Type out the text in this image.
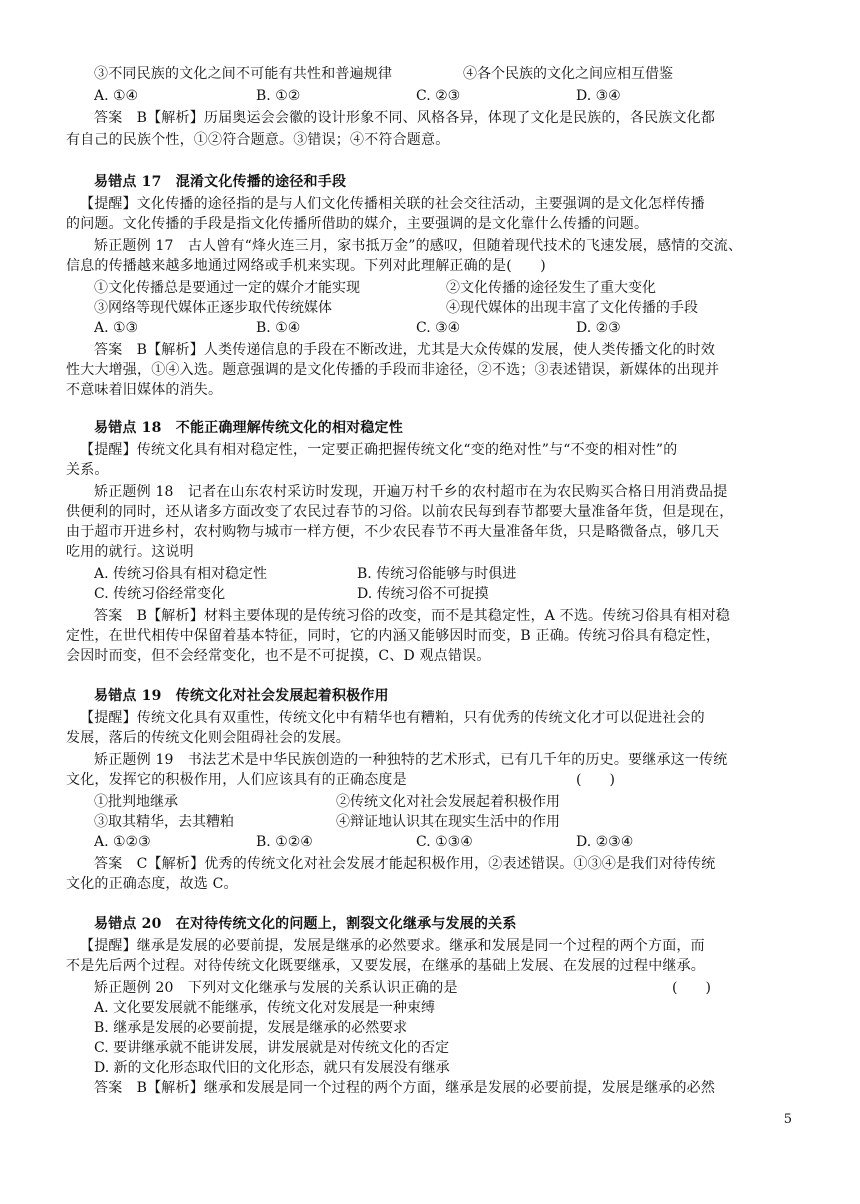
③不同民族的文化之间不可能有共性和普遍规律	④各个民族的文化之间应相互借鉴
A. ①④	B. ①②	C. ②③	D. ③④
答案　B【解析】历届奥运会会徽的设计形象不同、风格各异，体现了文化是民族的，各民族文化都
有自己的民族个性，①②符合题意。③错误；④不符合题意。
易错点 17　混淆文化传播的途径和手段
【提醒】文化传播的途径指的是与人们文化传播相关联的社会交往活动，主要强调的是文化怎样传播
的问题。文化传播的手段是指文化传播所借助的媒介，主要强调的是文化靠什么传播的问题。
矫正题例 17　古人曾有“烽火连三月，家书抵万金”的感叹，但随着现代技术的飞速发展，感情的交流、
信息的传播越来越多地通过网络或手机来实现。下列对此理解正确的是(　　)
①文化传播总是要通过一定的媒介才能实现	②文化传播的途径发生了重大变化
③网络等现代媒体正逐步取代传统媒体	④现代媒体的出现丰富了文化传播的手段
A. ①③	B. ①④	C. ③④	D. ②③
答案　B【解析】人类传递信息的手段在不断改进，尤其是大众传媒的发展，使人类传播文化的时效
性大大增强，①④入选。题意强调的是文化传播的手段而非途径，②不选；③表述错误，新媒体的出现并
不意味着旧媒体的消失。
易错点 18　不能正确理解传统文化的相对稳定性
【提醒】传统文化具有相对稳定性，一定要正确把握传统文化“变的绝对性”与“不变的相对性”的
关系。
矫正题例 18　记者在山东农村采访时发现，开遍万村千乡的农村超市在为农民购买合格日用消费品提
供便利的同时，还从诸多方面改变了农民过春节的习俗。以前农民每到春节都要大量准备年货，但是现在，
由于超市开进乡村，农村购物与城市一样方便，不少农民春节不再大量准备年货，只是略微备点，够几天
吃用的就行。这说明
A. 传统习俗具有相对稳定性	B. 传统习俗能够与时俱进
C. 传统习俗经常变化	D. 传统习俗不可捉摸
答案　B【解析】材料主要体现的是传统习俗的改变，而不是其稳定性，A 不选。传统习俗具有相对稳
定性，在世代相传中保留着基本特征，同时，它的内涵又能够因时而变，B 正确。传统习俗具有稳定性，
会因时而变，但不会经常变化，也不是不可捉摸，C、D 观点错误。
易错点 19　传统文化对社会发展起着积极作用
【提醒】传统文化具有双重性，传统文化中有精华也有糟粕，只有优秀的传统文化才可以促进社会的
发展，落后的传统文化则会阻碍社会的发展。
矫正题例 19　书法艺术是中华民族创造的一种独特的艺术形式，已有几千年的历史。要继承这一传统
文化，发挥它的积极作用，人们应该具有的正确态度是	(　　)
①批判地继承	②传统文化对社会发展起着积极作用
③取其精华，去其糟粕	④辩证地认识其在现实生活中的作用
A. ①②③	B. ①②④	C. ①③④	D. ②③④
答案　C【解析】优秀的传统文化对社会发展才能起积极作用，②表述错误。①③④是我们对待传统
文化的正确态度，故选 C。
易错点 20　在对待传统文化的问题上，割裂文化继承与发展的关系
【提醒】继承是发展的必要前提，发展是继承的必然要求。继承和发展是同一个过程的两个方面，而
不是先后两个过程。对待传统文化既要继承，又要发展，在继承的基础上发展、在发展的过程中继承。
矫正题例 20　下列对文化继承与发展的关系认识正确的是	(　　)
A. 文化要发展就不能继承，传统文化对发展是一种束缚
B. 继承是发展的必要前提，发展是继承的必然要求
C. 要讲继承就不能讲发展，讲发展就是对传统文化的否定
D. 新的文化形态取代旧的文化形态，就只有发展没有继承
答案　B【解析】继承和发展是同一个过程的两个方面，继承是发展的必要前提，发展是继承的必然
5
